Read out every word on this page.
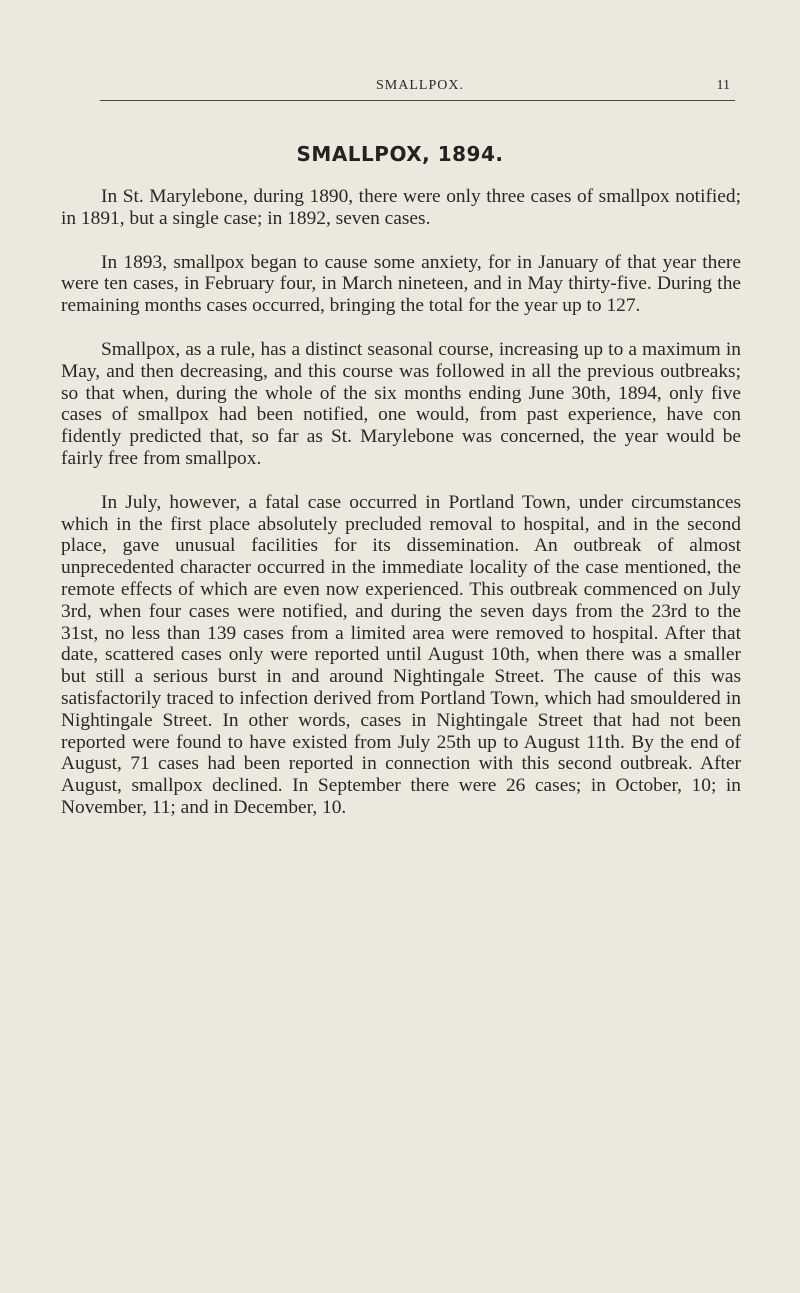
SMALLPOX.	11
SMALLPOX, 1894.

In St. Marylebone, during 1890, there were only three cases of smallpox notified; in 1891, but a single case; in 1892, seven cases.

In 1893, smallpox began to cause some anxiety, for in January of that year there were ten cases, in February four, in March nineteen, and in May thirty-five. During the remaining months cases occurred, bringing the total for the year up to 127.

Smallpox, as a rule, has a distinct seasonal course, increasing up to a maximum in May, and then decreasing, and this course was followed in all the previous outbreaks; so that when, during the whole of the six months ending June 30th, 1894, only five cases of smallpox had been notified, one would, from past experience, have con fidently predicted that, so far as St. Marylebone was concerned, the year would be fairly free from smallpox.

In July, however, a fatal case occurred in Portland Town, under circumstances which in the first place absolutely precluded removal to hospital, and in the second place, gave unusual facilities for its dissemination. An outbreak of almost unprecedented character occurred in the immediate locality of the case mentioned, the remote effects of which are even now experienced. This outbreak commenced on July 3rd, when four cases were notified, and during the seven days from the 23rd to the 31st, no less than 139 cases from a limited area were removed to hospital. After that date, scattered cases only were reported until August 10th, when there was a smaller but still a serious burst in and around Nightingale Street. The cause of this was satisfactorily traced to infection derived from Portland Town, which had smouldered in Nightingale Street. In other words, cases in Nightingale Street that had not been reported were found to have existed from July 25th up to August 11th. By the end of August, 71 cases had been reported in connection with this second outbreak. After August, smallpox declined. In September there were 26 cases; in October, 10; in November, 11; and in December, 10.
